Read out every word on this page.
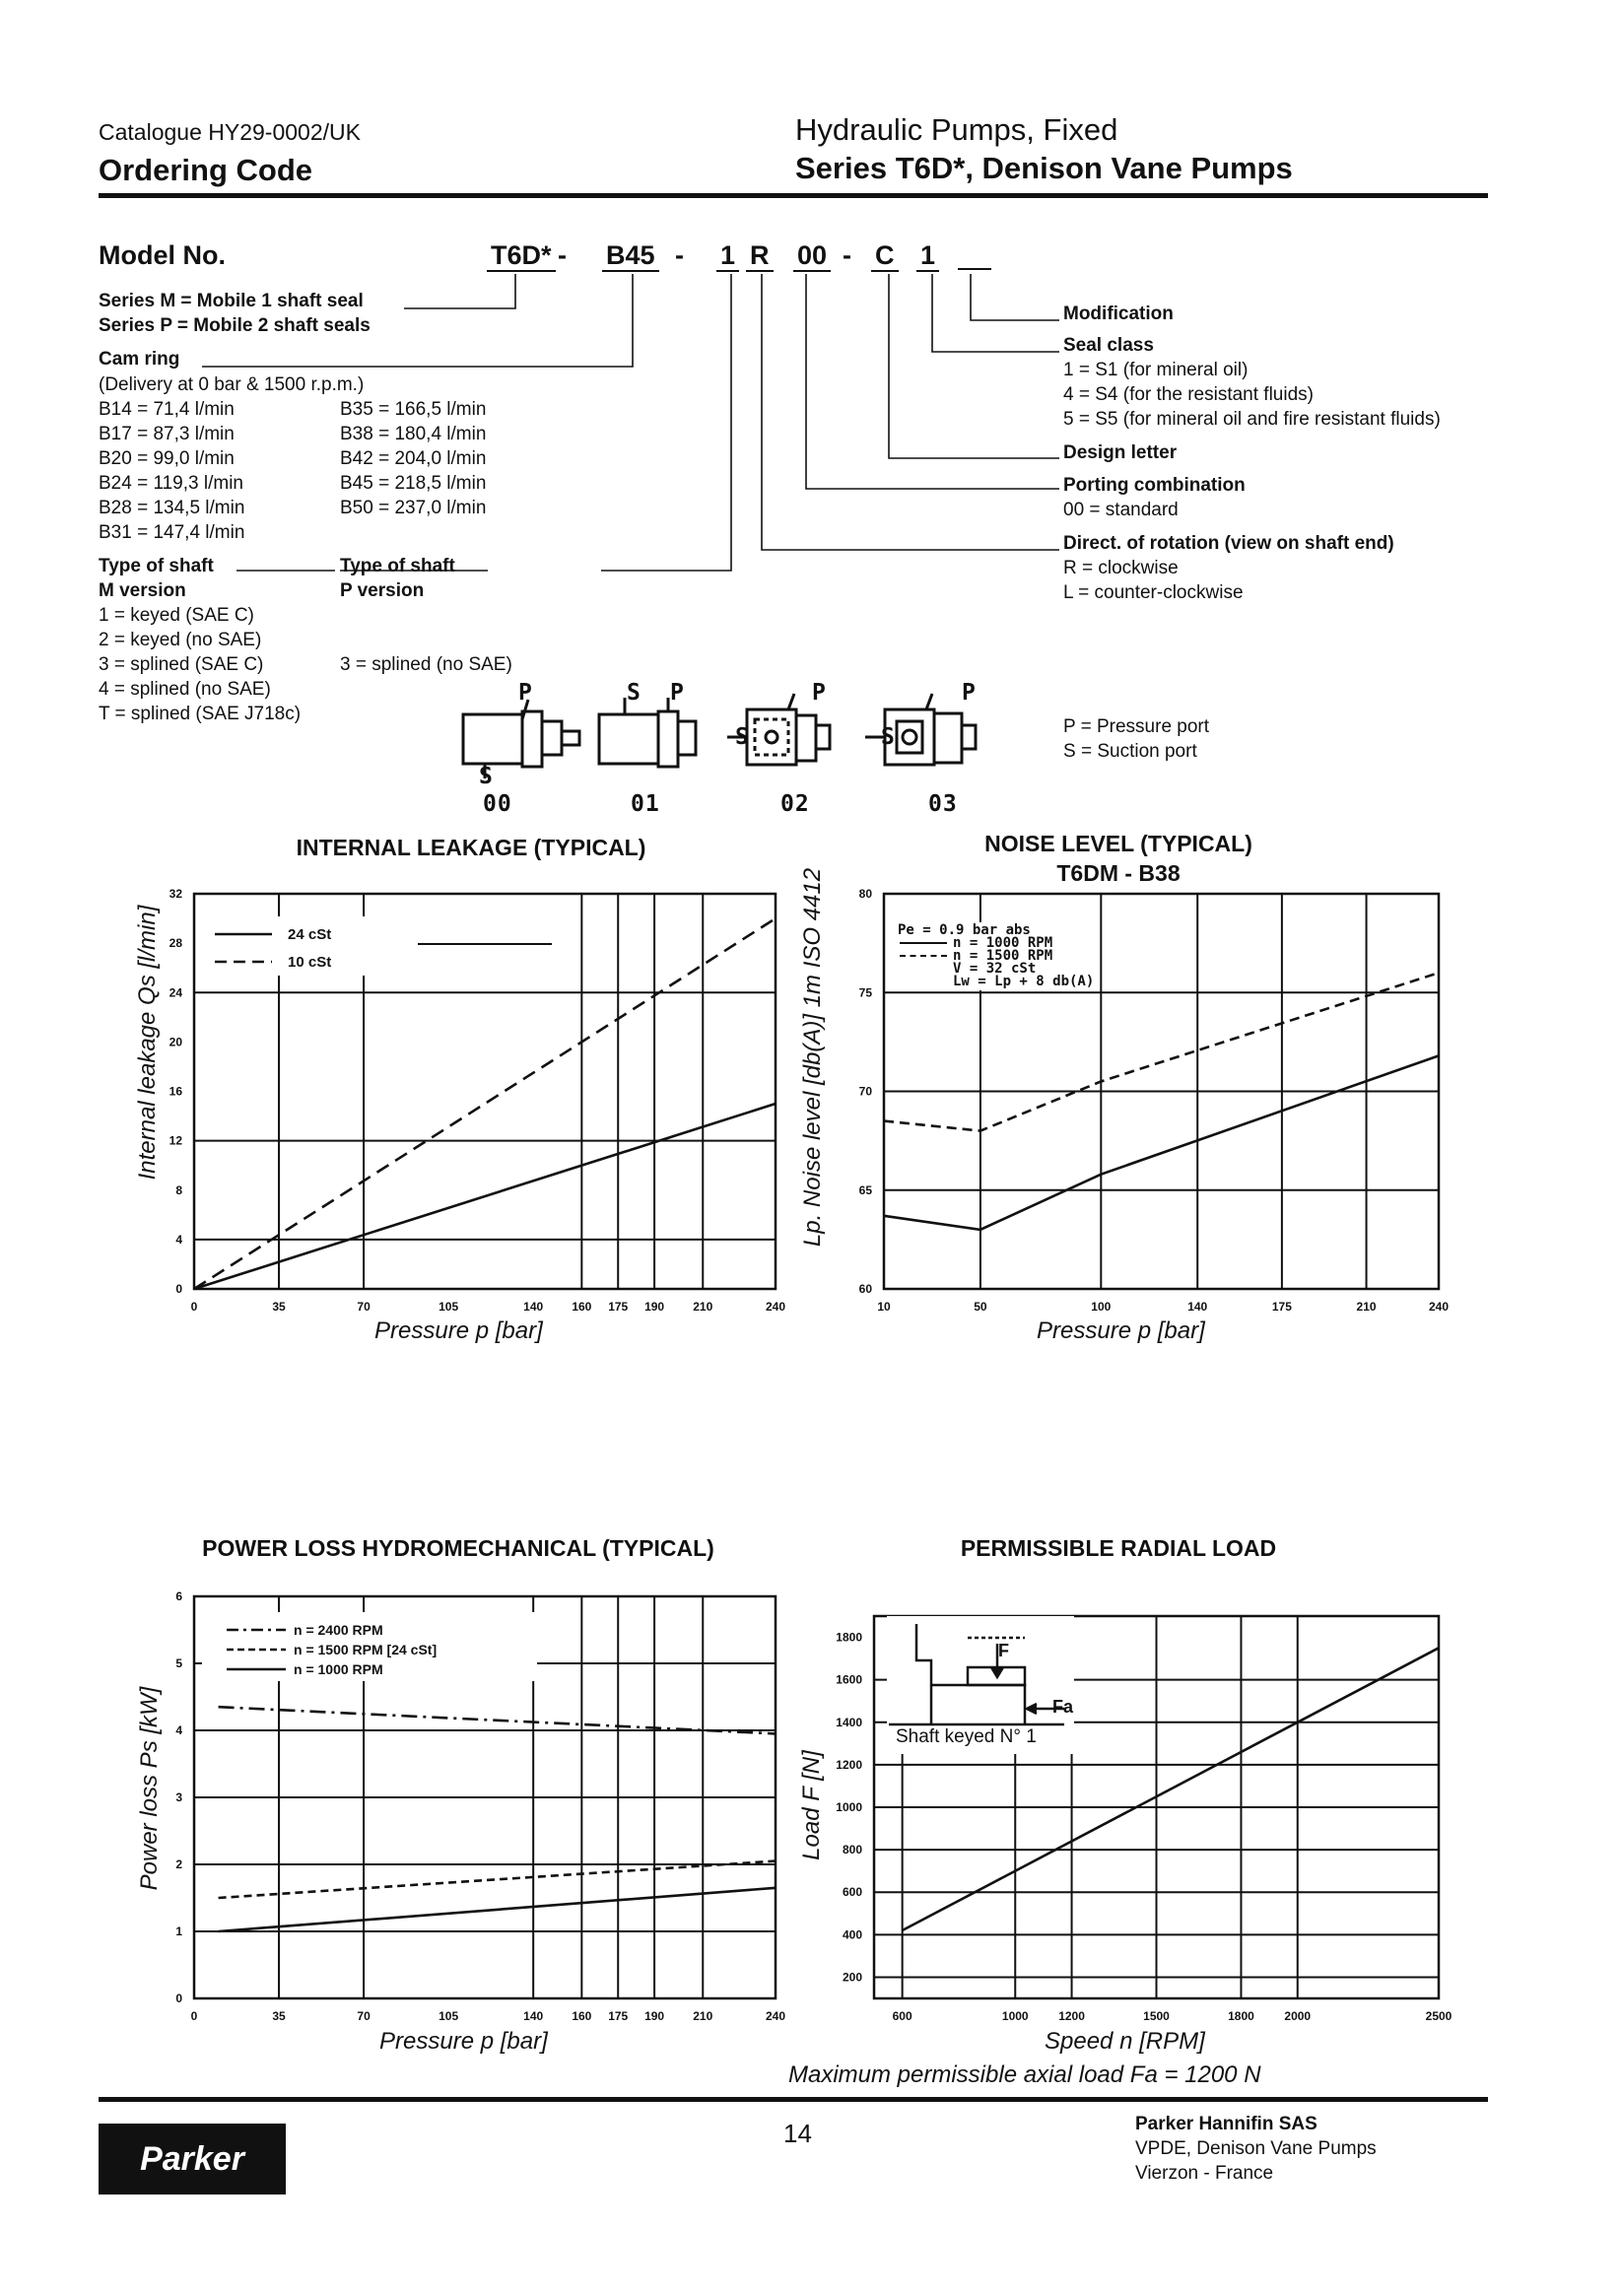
Catalogue HY29-0002/UK
Ordering Code
Hydraulic Pumps, Fixed
Series T6D*, Denison Vane Pumps
Model No.	T6D* - B45 - 1 R 00 - C 1
Series M = Mobile 1 shaft seal
Series P = Mobile 2 shaft seals
Cam ring
(Delivery at 0 bar & 1500 r.p.m.)
B14 = 71,4 l/min
B17 = 87,3 l/min
B20 = 99,0 l/min
B24 = 119,3 l/min
B28 = 134,5 l/min
B31 = 147,4 l/min
B35 = 166,5 l/min
B38 = 180,4 l/min
B42 = 204,0 l/min
B45 = 218,5 l/min
B50 = 237,0 l/min
Type of shaft
M version
1 = keyed (SAE C)
2 = keyed (no SAE)
3 = splined (SAE C)
4 = splined (no SAE)
T = splined (SAE J718c)
Type of shaft
P version
3 = splined (no SAE)
Modification
Seal class
1 = S1 (for mineral oil)
4 = S4 (for the resistant fluids)
5 = S5 (for mineral oil and fire resistant fluids)
Design letter
Porting combination
00 = standard
Direct. of rotation (view on shaft end)
R = clockwise
L = counter-clockwise
P = Pressure port
S = Suction port
P
S
S P
S
P
S
P
00	01	02	03
INTERNAL LEAKAGE (TYPICAL)	NOISE LEVEL (TYPICAL)
T6DM - B38
POWER LOSS HYDROMECHANICAL (TYPICAL)	PERMISSIBLE RADIAL LOAD
Internal leakage Qs [l/min]	Lp. Noise level [db(A)] 1m ISO 4412
Power loss Ps [kW]	Load F [N]
Pressure p [bar]	Pressure p [bar]
Pressure p [bar]	Speed n [RPM]
Maximum permissible axial load Fa = 1200 N
0	35	70	105	140 160 175 190 210	240
0
4
8
12
16
20
24
28
32
24 cSt
10 cSt
10	50	100	140	175	210	240
60
65
70
75
80
0	35	70	105	140 160 175 190 210	240
0
1
2
3
4
5
6
n = 2400 RPM
n = 1500 RPM [24 cSt]
n = 1000 RPM
600	1000	1200	1500	1800	2000	2500
200
400
600
800
1000
1200
1400
1600
1800
Pe = 0.9 bar abs
n = 1000 RPM
n = 1500 RPM
V = 32 cSt
Lw = Lp + 8 db(A)
F
Fa
Shaft keyed N° 1
Parker
14	Parker Hannifin SAS
VPDE, Denison Vane Pumps
Vierzon - France
